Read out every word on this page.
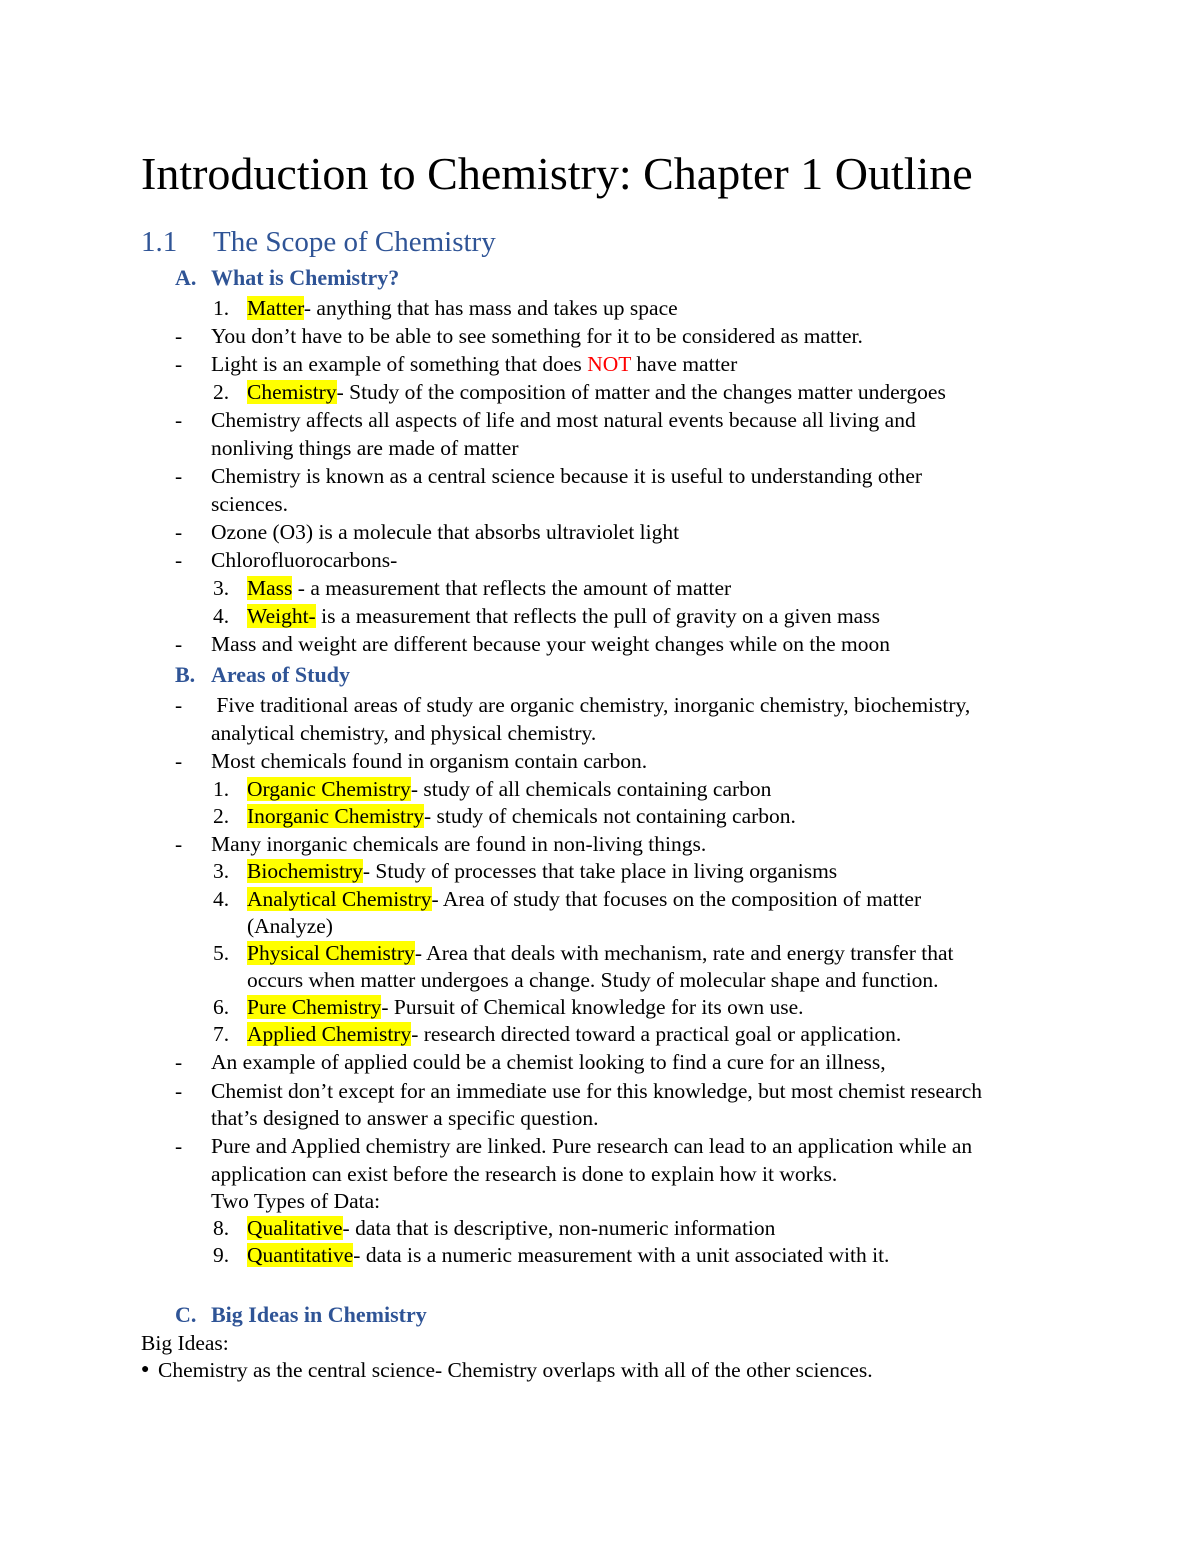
Introduction to Chemistry: Chapter 1 Outline
1.1 The Scope of Chemistry
A. What is Chemistry?
1. Matter- anything that has mass and takes up space
- You don’t have to be able to see something for it to be considered as matter.
- Light is an example of something that does NOT have matter
2. Chemistry- Study of the composition of matter and the changes matter undergoes
- Chemistry affects all aspects of life and most natural events because all living and
nonliving things are made of matter
- Chemistry is known as a central science because it is useful to understanding other
sciences.
- Ozone (O3) is a molecule that absorbs ultraviolet light
- Chlorofluorocarbons-
3. Mass - a measurement that reflects the amount of matter
4. Weight- is a measurement that reflects the pull of gravity on a given mass
- Mass and weight are different because your weight changes while on the moon
B. Areas of Study
- Five traditional areas of study are organic chemistry, inorganic chemistry, biochemistry,
analytical chemistry, and physical chemistry.
- Most chemicals found in organism contain carbon.
1. Organic Chemistry- study of all chemicals containing carbon
2. Inorganic Chemistry- study of chemicals not containing carbon.
- Many inorganic chemicals are found in non-living things.
3. Biochemistry- Study of processes that take place in living organisms
4. Analytical Chemistry- Area of study that focuses on the composition of matter
(Analyze)
5. Physical Chemistry- Area that deals with mechanism, rate and energy transfer that
occurs when matter undergoes a change. Study of molecular shape and function.
6. Pure Chemistry- Pursuit of Chemical knowledge for its own use.
7. Applied Chemistry- research directed toward a practical goal or application.
- An example of applied could be a chemist looking to find a cure for an illness,
- Chemist don’t except for an immediate use for this knowledge, but most chemist research
that’s designed to answer a specific question.
- Pure and Applied chemistry are linked. Pure research can lead to an application while an
application can exist before the research is done to explain how it works.
Two Types of Data:
8. Qualitative- data that is descriptive, non-numeric information
9. Quantitative- data is a numeric measurement with a unit associated with it.
C. Big Ideas in Chemistry
Big Ideas:
● Chemistry as the central science- Chemistry overlaps with all of the other sciences.
